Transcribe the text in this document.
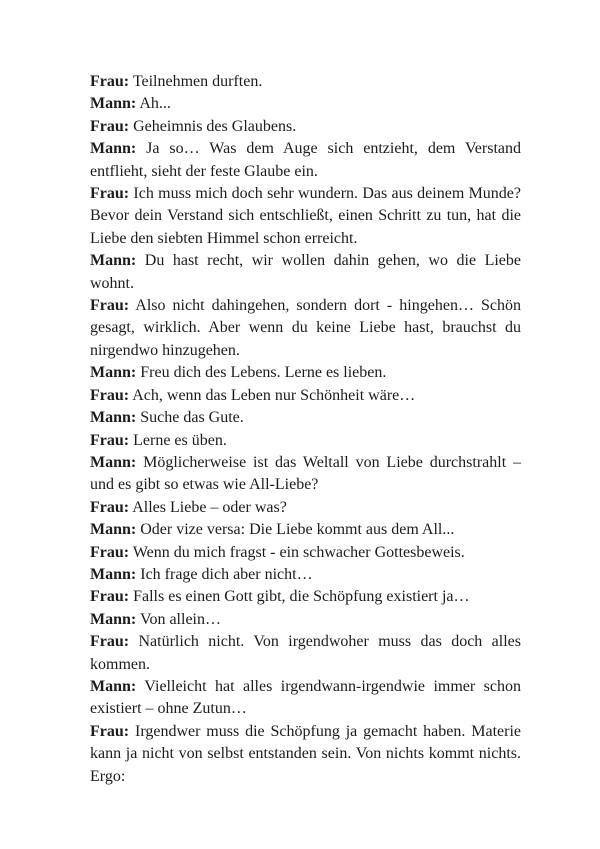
Frau: Teilnehmen durften.

Mann: Ah...

Frau: Geheimnis des Glaubens.

Mann: Ja so… Was dem Auge sich entzieht, dem Verstand entflieht, sieht der feste Glaube ein.

Frau: Ich muss mich doch sehr wundern. Das aus deinem Munde? Bevor dein Verstand sich entschließt, einen Schritt zu tun, hat die Liebe den siebten Himmel schon erreicht.

Mann: Du hast recht, wir wollen dahin gehen, wo die Liebe wohnt.

Frau: Also nicht dahingehen, sondern dort - hingehen… Schön gesagt, wirklich. Aber wenn du keine Liebe hast, brauchst du nirgendwo hinzugehen.

Mann: Freu dich des Lebens. Lerne es lieben.

Frau: Ach, wenn das Leben nur Schönheit wäre…

Mann: Suche das Gute.

Frau: Lerne es üben.

Mann: Möglicherweise ist das Weltall von Liebe durchstrahlt – und es gibt so etwas wie All-Liebe?

Frau: Alles Liebe – oder was?

Mann: Oder vize versa: Die Liebe kommt aus dem All...

Frau: Wenn du mich fragst - ein schwacher Gottesbeweis.

Mann: Ich frage dich aber nicht…

Frau: Falls es einen Gott gibt, die Schöpfung existiert ja…

Mann: Von allein…

Frau: Natürlich nicht. Von irgendwoher muss das doch alles kommen.

Mann: Vielleicht hat alles irgendwann-irgendwie immer schon existiert – ohne Zutun…

Frau: Irgendwer muss die Schöpfung ja gemacht haben. Materie kann ja nicht von selbst entstanden sein. Von nichts kommt nichts. Ergo:
